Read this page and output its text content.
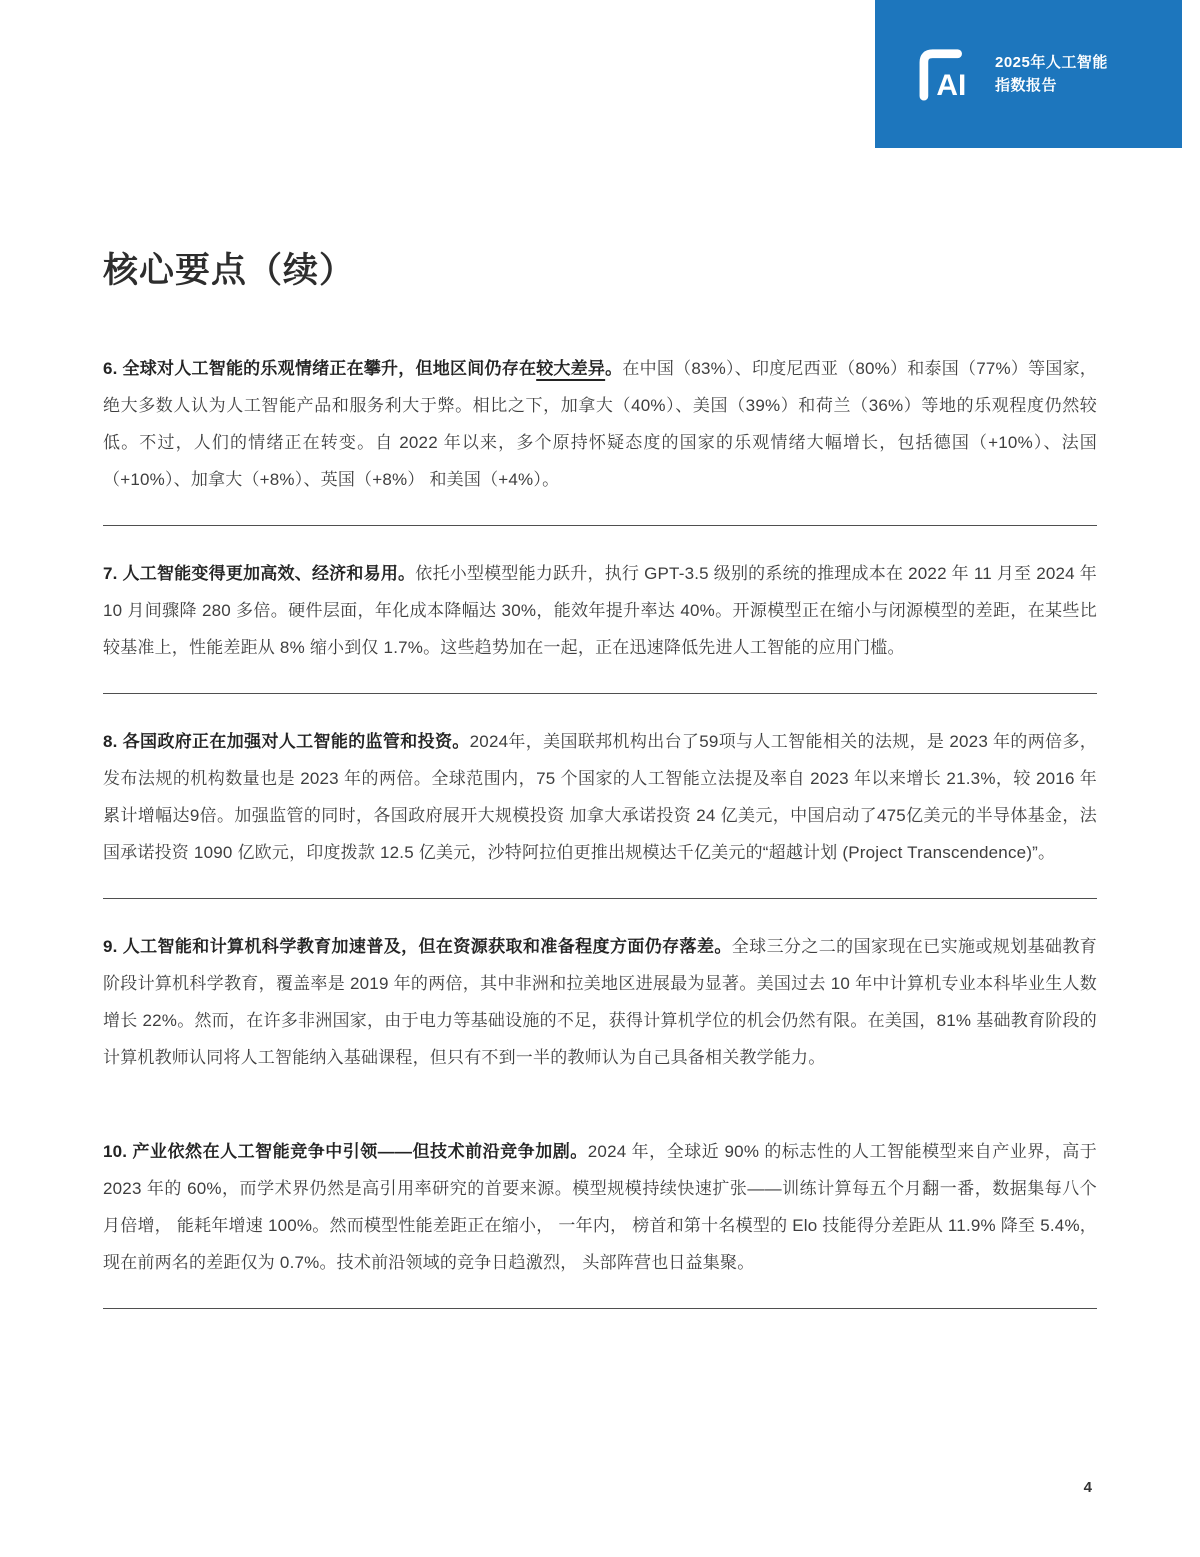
AI
2025年人工智能
指数报告
核心要点（续）

6. 全球对人工智能的乐观情绪正在攀升，但地区间仍存在较大差异。在中国（83%）、印度尼西亚（80%）和泰国（77%）等国家，绝大多数人认为人工智能产品和服务利大于弊。相比之下，加拿大（40%）、美国（39%）和荷兰（36%）等地的乐观程度仍然较低。不过，人们的情绪正在转变。自 2022 年以来，多个原持怀疑态度的国家的乐观情绪大幅增长，包括德国（+10%）、法国（+10%）、加拿大（+8%）、英国（+8%） 和美国（+4%）。

7. 人工智能变得更加高效、经济和易用。依托小型模型能力跃升，执行 GPT-3.5 级别的系统的推理成本在 2022 年 11 月至 2024 年 10 月间骤降 280 多倍。硬件层面，年化成本降幅达 30%，能效年提升率达 40%。开源模型正在缩小与闭源模型的差距，在某些比较基准上，性能差距从 8% 缩小到仅 1.7%。这些趋势加在一起，正在迅速降低先进人工智能的应用门槛。

8. 各国政府正在加强对人工智能的监管和投资。2024年，美国联邦机构出台了59项与人工智能相关的法规，是 2023 年的两倍多，发布法规的机构数量也是 2023 年的两倍。全球范围内，75 个国家的人工智能立法提及率自 2023 年以来增长 21.3%，较 2016 年累计增幅达9倍。加强监管的同时，各国政府展开大规模投资 加拿大承诺投资 24 亿美元，中国启动了475亿美元的半导体基金，法国承诺投资 1090 亿欧元，印度拨款 12.5 亿美元，沙特阿拉伯更推出规模达千亿美元的“超越计划 (Project Transcendence)”。

9. 人工智能和计算机科学教育加速普及，但在资源获取和准备程度方面仍存落差。全球三分之二的国家现在已实施或规划基础教育阶段计算机科学教育，覆盖率是 2019 年的两倍，其中非洲和拉美地区进展最为显著。美国过去 10 年中计算机专业本科毕业生人数增长 22%。然而，在许多非洲国家，由于电力等基础设施的不足，获得计算机学位的机会仍然有限。在美国，81% 基础教育阶段的计算机教师认同将人工智能纳入基础课程，但只有不到一半的教师认为自己具备相关教学能力。

10. 产业依然在人工智能竞争中引领——但技术前沿竞争加剧。2024 年，全球近 90% 的标志性的人工智能模型来自产业界，高于 2023 年的 60%，而学术界仍然是高引用率研究的首要来源。模型规模持续快速扩张——训练计算每五个月翻一番，数据集每八个月倍增， 能耗年增速 100%。然而模型性能差距正在缩小， 一年内， 榜首和第十名模型的 Elo 技能得分差距从 11.9% 降至 5.4%， 现在前两名的差距仅为 0.7%。技术前沿领域的竞争日趋激烈， 头部阵营也日益集聚。

4
